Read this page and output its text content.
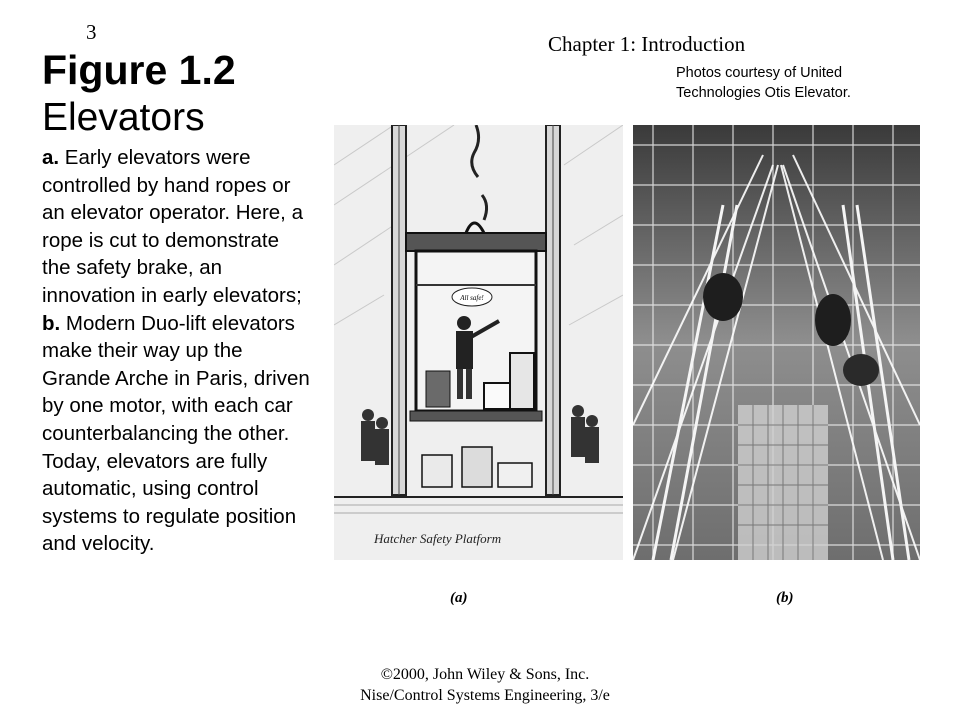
3	Chapter 1: Introduction
Photos courtesy of United
Technologies Otis Elevator.
Figure 1.2
Elevators
a. Early elevators were controlled by hand ropes or an elevator operator. Here, a rope is cut to demonstrate the safety brake, an innovation in early elevators;
b. Modern Duo-lift elevators make their way up the Grande Arche in Paris, driven by one motor, with each car counterbalancing the other. Today, elevators are fully automatic, using control systems to regulate position and velocity.
All safe!
Hatcher Safety Platform
(a)	(b)
©2000, John Wiley & Sons, Inc.
Nise/Control Systems Engineering, 3/e
